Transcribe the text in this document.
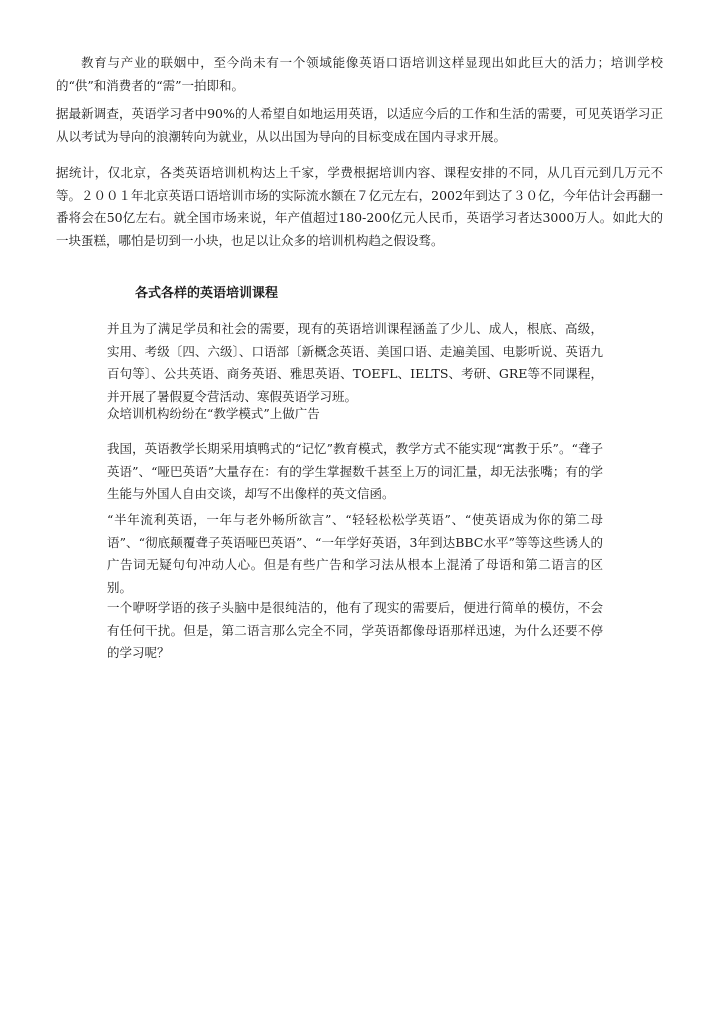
教育与产业的联姻中，至今尚未有一个领域能像英语口语培训这样显现出如此巨大的活力；培训学校的“供”和消费者的“需”一拍即和。

据最新调查，英语学习者中90%的人希望自如地运用英语，以适应今后的工作和生活的需要，可见英语学习正从以考试为导向的浪潮转向为就业，从以出国为导向的目标变成在国内寻求开展。

据统计，仅北京，各类英语培训机构达上千家，学费根据培训内容、课程安排的不同，从几百元到几万元不等。２００１年北京英语口语培训市场的实际流水额在７亿元左右，2002年到达了３０亿，今年估计会再翻一番将会在50亿左右。就全国市场来说，年产值超过180-200亿元人民币，英语学习者达3000万人。如此大的一块蛋糕，哪怕是切到一小块，也足以让众多的培训机构趋之假设骛。

各式各样的英语培训课程

并且为了满足学员和社会的需要，现有的英语培训课程涵盖了少儿、成人，根底、高级，实用、考级〔四、六级〕、口语部〔新概念英语、美国口语、走遍美国、电影听说、英语九百句等〕、公共英语、商务英语、雅思英语、TOEFL、IELTS、考研、GRE等不同课程，并开展了暑假夏令营活动、寒假英语学习班。

众培训机构纷纷在“教学模式”上做广告

我国，英语教学长期采用填鸭式的“记忆”教育模式，教学方式不能实现“寓教于乐”。“聋子英语”、“哑巴英语”大量存在：有的学生掌握数千甚至上万的词汇量，却无法张嘴；有的学生能与外国人自由交谈，却写不出像样的英文信函。

“半年流利英语，一年与老外畅所欲言”、“轻轻松松学英语”、“使英语成为你的第二母语”、“彻底颠覆聋子英语哑巴英语”、“一年学好英语，3年到达BBC水平”等等这些诱人的广告词无疑句句冲动人心。但是有些广告和学习法从根本上混淆了母语和第二语言的区别。

一个咿呀学语的孩子头脑中是很纯洁的，他有了现实的需要后，便进行简单的模仿，不会有任何干扰。但是，第二语言那么完全不同，学英语都像母语那样迅速，为什么还要不停的学习呢？
